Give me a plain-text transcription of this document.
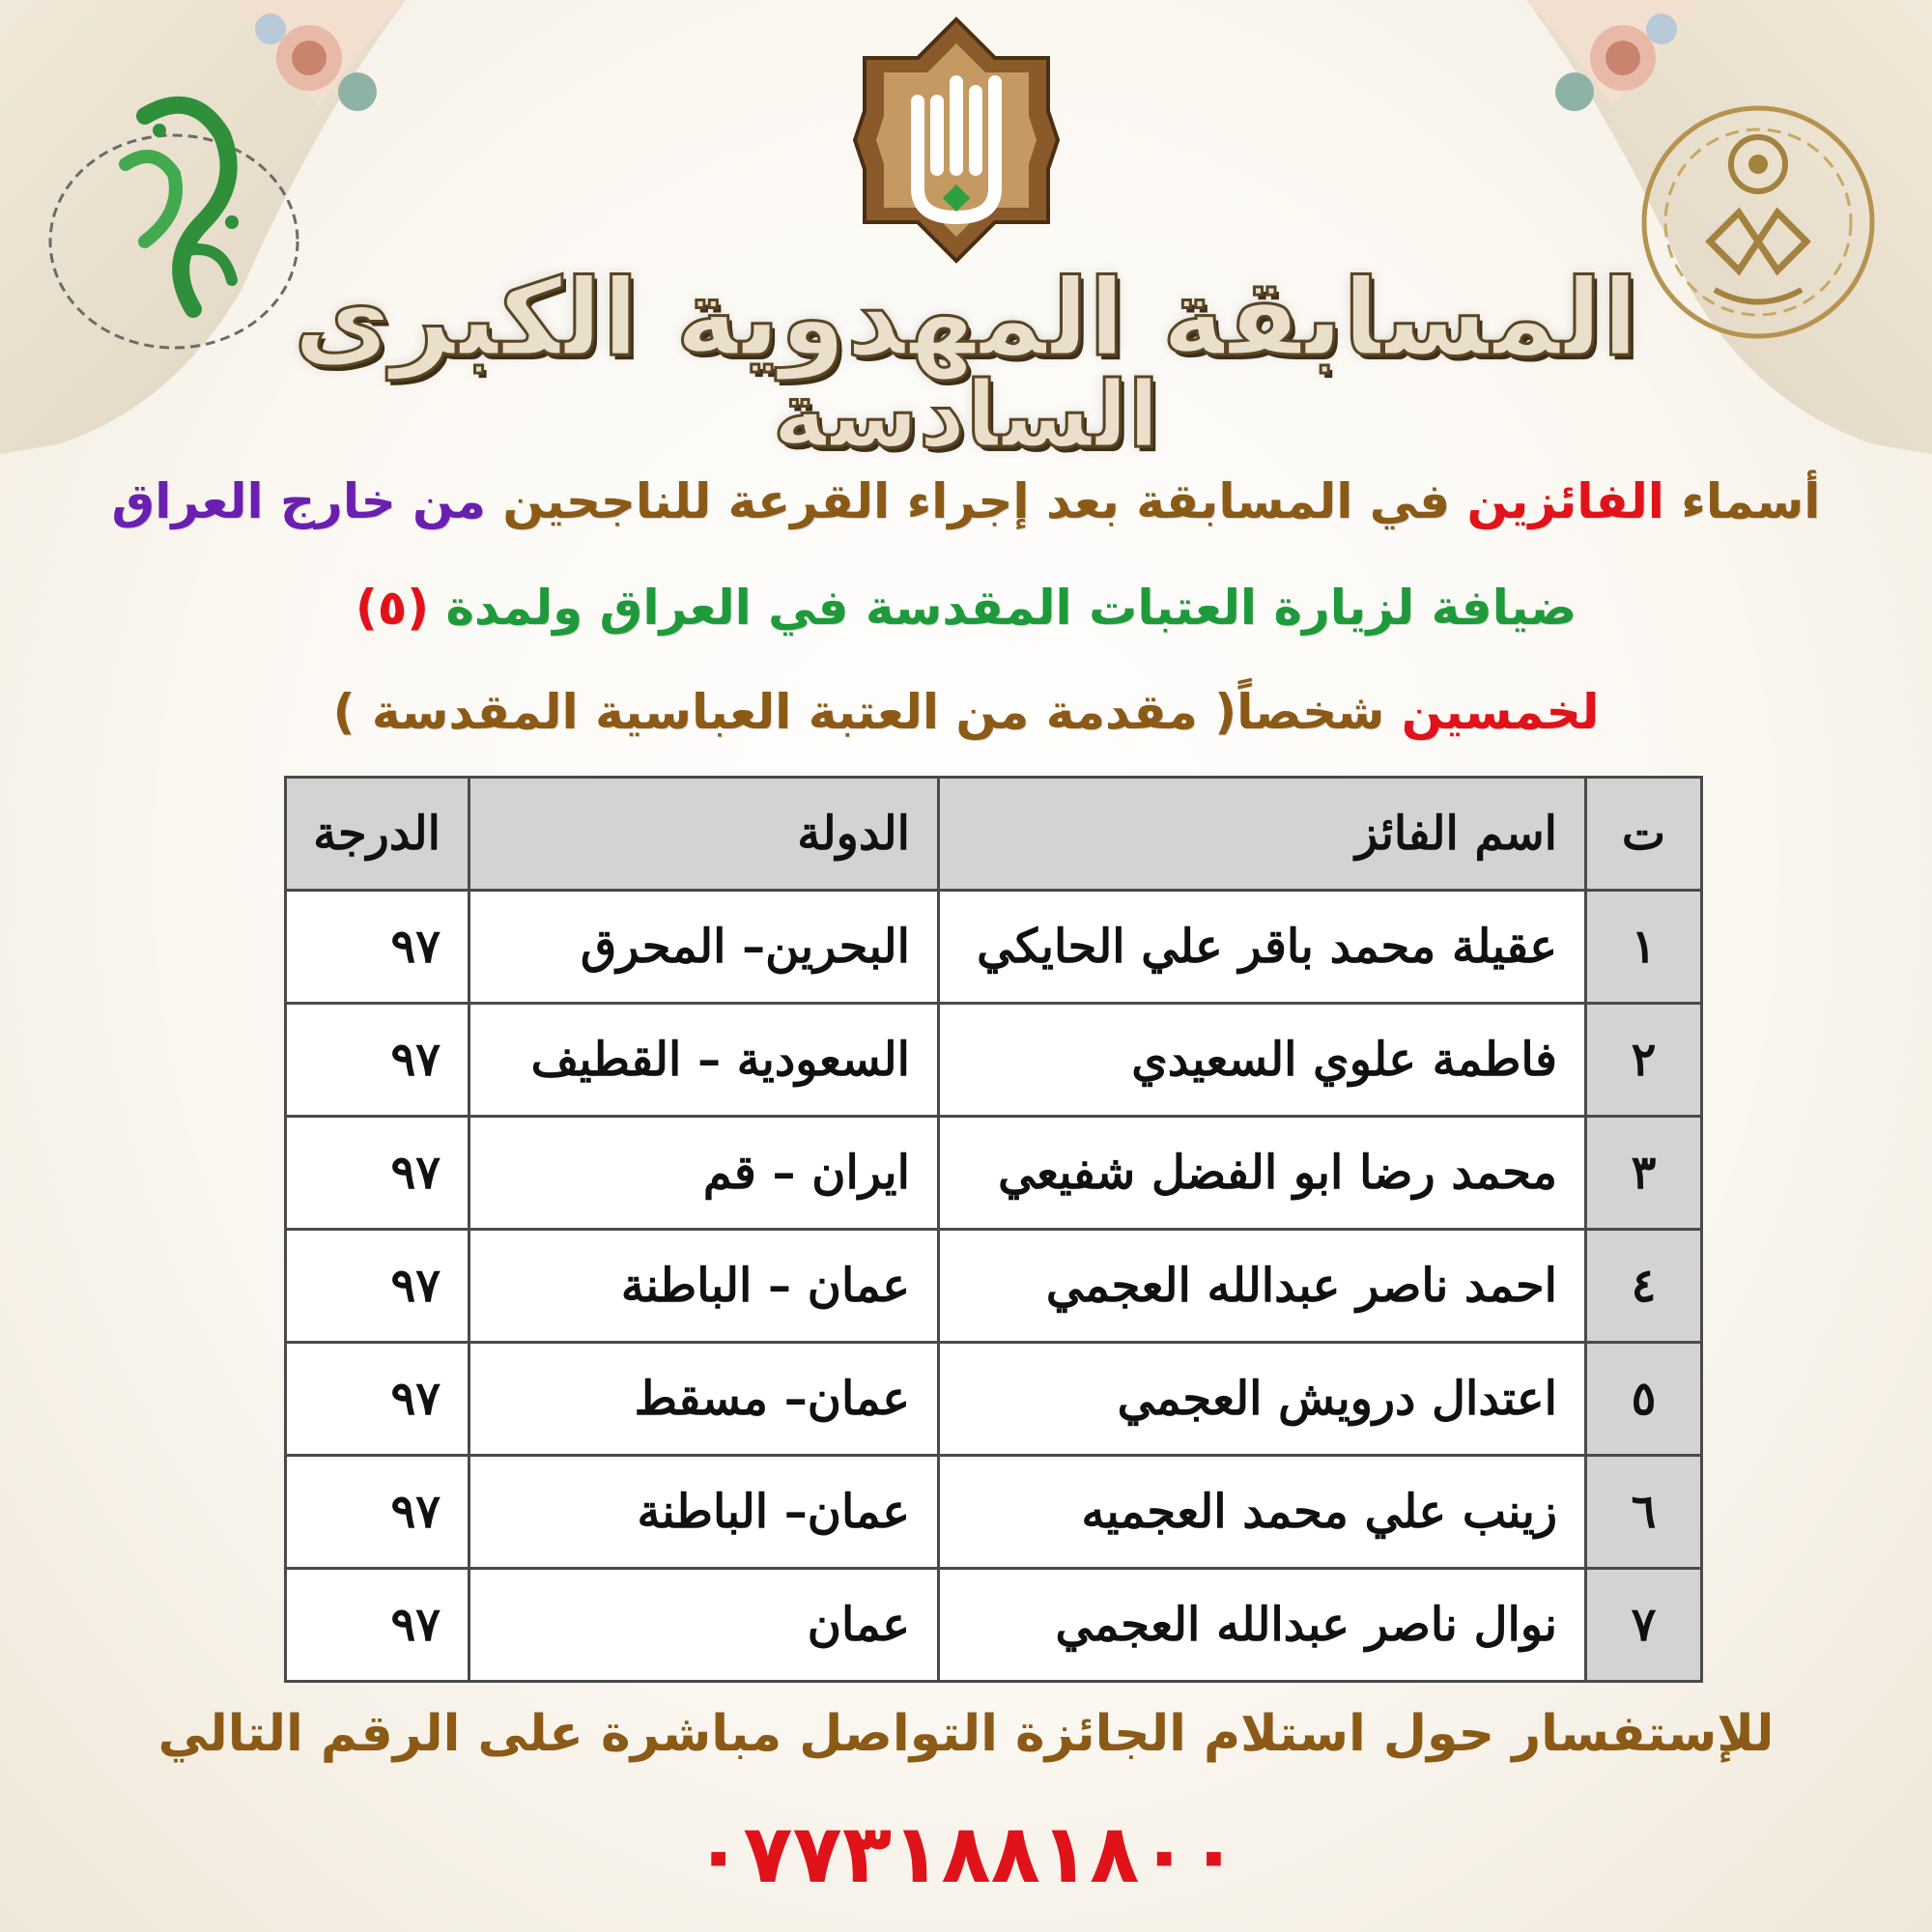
المسابقة المهدوية الكبرى
السادسة
أسماء الفائزين في المسابقة بعد إجراء القرعة للناجحين من خارج العراق
ضيافة لزيارة العتبات المقدسة في العراق ولمدة (٥)
لخمسين شخصاً( مقدمة من العتبة العباسية المقدسة )
ت	اسم الفائز	الدولة	الدرجة
١	عقيلة محمد باقر علي الحايكي	البحرين– المحرق	٩٧
٢	فاطمة علوي السعيدي	السعودية – القطيف	٩٧
٣	محمد رضا ابو الفضل شفيعي	ايران – قم	٩٧
٤	احمد ناصر عبدالله العجمي	عمان – الباطنة	٩٧
٥	اعتدال درويش العجمي	عمان– مسقط	٩٧
٦	زينب علي محمد العجميه	عمان– الباطنة	٩٧
٧	نوال ناصر عبدالله العجمي	عمان	٩٧
للإستفسار حول استلام الجائزة التواصل مباشرة على الرقم التالي
٠٧٧٣١٨٨١٨٠٠
